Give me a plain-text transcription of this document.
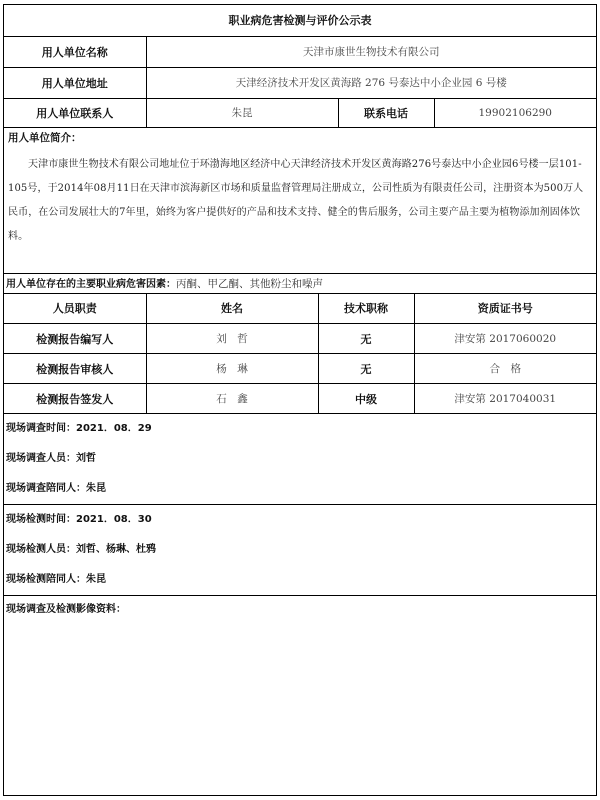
职业病危害检测与评价公示表
用人单位名称	天津市康世生物技术有限公司		
用人单位地址	天津经济技术开发区黄海路 276 号泰达中小企业园 6 号楼		
用人单位联系人	朱昆	联系电话	19902106290
用人单位简介：

天津市康世生物技术有限公司地址位于环渤海地区经济中心天津经济技术开发区黄海路276号泰达中小企业园6号楼一层101-105号，于2014年08月11日在天津市滨海新区市场和质量监督管理局注册成立，公司性质为有限责任公司，注册资本为500万人民币，在公司发展壮大的7年里，始终为客户提供好的产品和技术支持、健全的售后服务，公司主要产品主要为植物添加剂固体饮料。

用人单位存在的主要职业病危害因素：丙酮、甲乙酮、其他粉尘和噪声
人员职责	姓名	技术职称	资质证书号
检测报告编写人	刘　哲	无	津安第 2017060020
检测报告审核人	杨　琳	无	合　格
检测报告签发人	石　鑫	中级	津安第 2017040031
现场调查时间：2021．08．29
现场调查人员：刘哲
现场调查陪同人：朱昆
现场检测时间：2021．08．30
现场检测人员：刘哲、杨琳、杜鸦
现场检测陪同人：朱昆
现场调查及检测影像资料：
